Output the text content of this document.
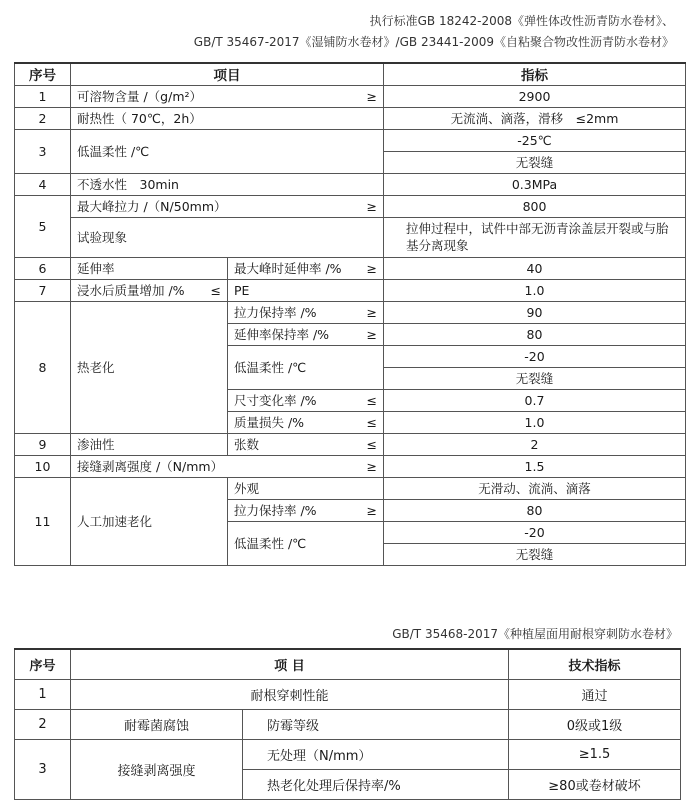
执行标准GB 18242-2008《弹性体改性沥青防水卷材》、
GB/T 35467-2017《湿铺防水卷材》/GB 23441-2009《自粘聚合物改性沥青防水卷材》
序号	项目		指标
1	可溶物含量 /（g/m²） ≥		2900
2	耐热性（ 70℃，2h）		无流淌、滴落，滑移　≤2mm
3	低温柔性 /℃		-25℃
			无裂缝
4	不透水性　30min		0.3MPa
5	最大峰拉力 /（N/50mm） ≥		800
	试验现象		拉伸过程中，试件中部无沥青涂盖层开裂或与胎基分离现象
6	延伸率	最大峰时延伸率 /% ≥	40
7	浸水后质量增加 /% ≤	PE	1.0
8	热老化	拉力保持率 /% ≥	90

		延伸率保持率 /% ≥	80
		低温柔性 /℃	-20
			无裂缝

		尺寸变化率 /% ≤	0.7

		质量损失 /% ≤	1.0
9	渗油性	张数 ≤	2
10	接缝剥离强度 /（N/mm） ≥		1.5
11	人工加速老化	外观	无滑动、流淌、滴落

		拉力保持率 /% ≥	80
		低温柔性 /℃	-20
			无裂缝
GB/T 35468-2017《种植屋面用耐根穿刺防水卷材》
序号	项 目		技术指标
1	耐根穿刺性能		通过
2	耐霉菌腐蚀	防霉等级	0级或1级
3	接缝剥离强度	无处理（N/mm）	≥1.5
		热老化处理后保持率/%	≥80或卷材破坏
